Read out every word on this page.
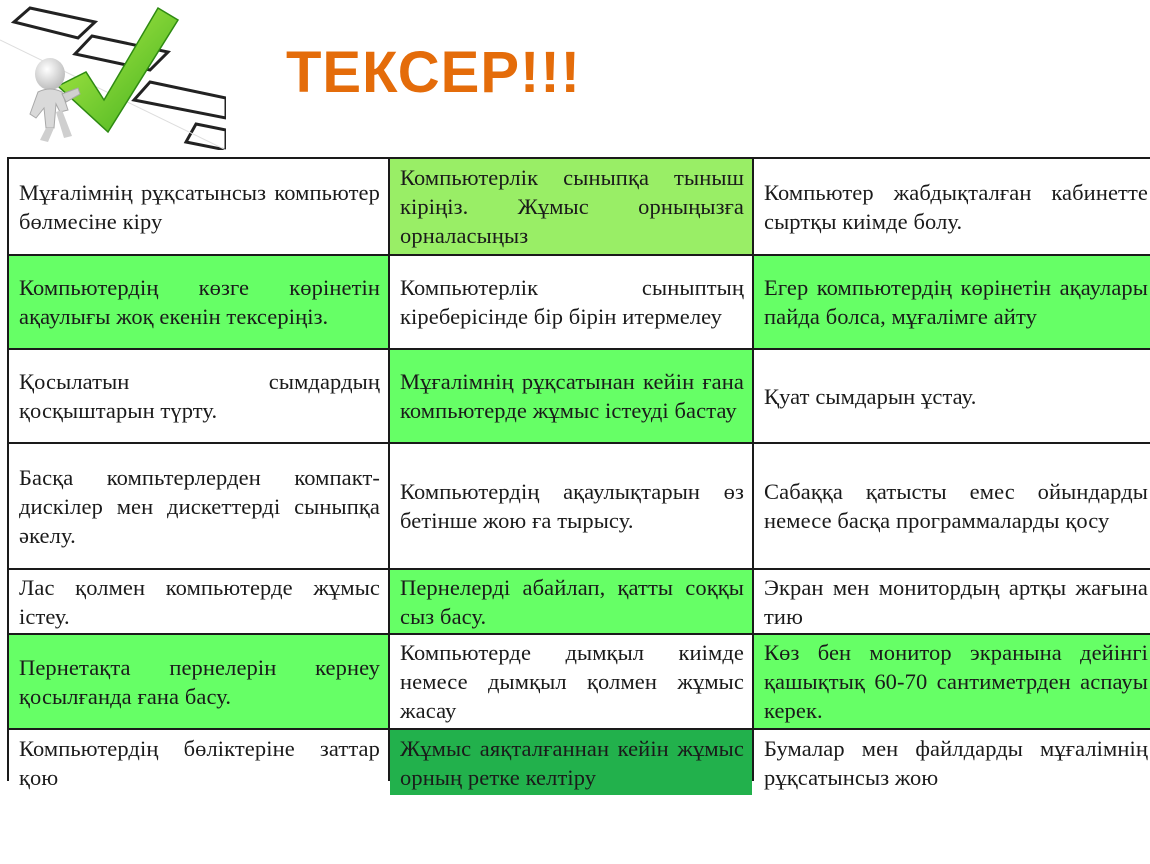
ТЕКСЕР!!!
Мұғалімнің рұқсатынсыз компьютер бөлмесіне кіру
Компьютерлік сыныпқа тыныш кіріңіз. Жұмыс орныңызға орналасыңыз
Компьютер жабдықталған кабинетте сыртқы киімде болу.
Компьютердің көзге көрінетін ақаулығы жоқ екенін тексеріңіз.
Компьютерлік сыныптың кіреберісінде бір бірін итермелеу
Егер компьютердің көрінетін ақаулары пайда болса, мұғалімге айту
Қосылатын сымдардың қосқыштарын түрту.
Мұғалімнің рұқсатынан кейін ғана компьютерде жұмыс істеуді бастау
Қуат сымдарын ұстау.
Басқа компьтерлерден компакт-дискілер мен дискеттерді сыныпқа әкелу.
Компьютердің ақаулықтарын өз бетінше жою ға тырысу.
Сабаққа қатысты емес ойындарды немесе басқа программаларды қосу
Лас қолмен компьютерде жұмыс істеу.
Пернелерді абайлап, қатты соққы сыз басу.
Экран мен монитордың артқы жағына тию
Пернетақта пернелерін кернеу қосылғанда ғана басу.
Компьютерде дымқыл киімде немесе дымқыл қолмен жұмыс жасау
Көз бен монитор экранына дейінгі қашықтық 60-70 сантиметрден аспауы керек.
Компьютердің бөліктеріне заттар қою
Жұмыс аяқталғаннан кейін жұмыс орның ретке келтіру
Бумалар мен файлдарды мұғалімнің рұқсатынсыз жою
